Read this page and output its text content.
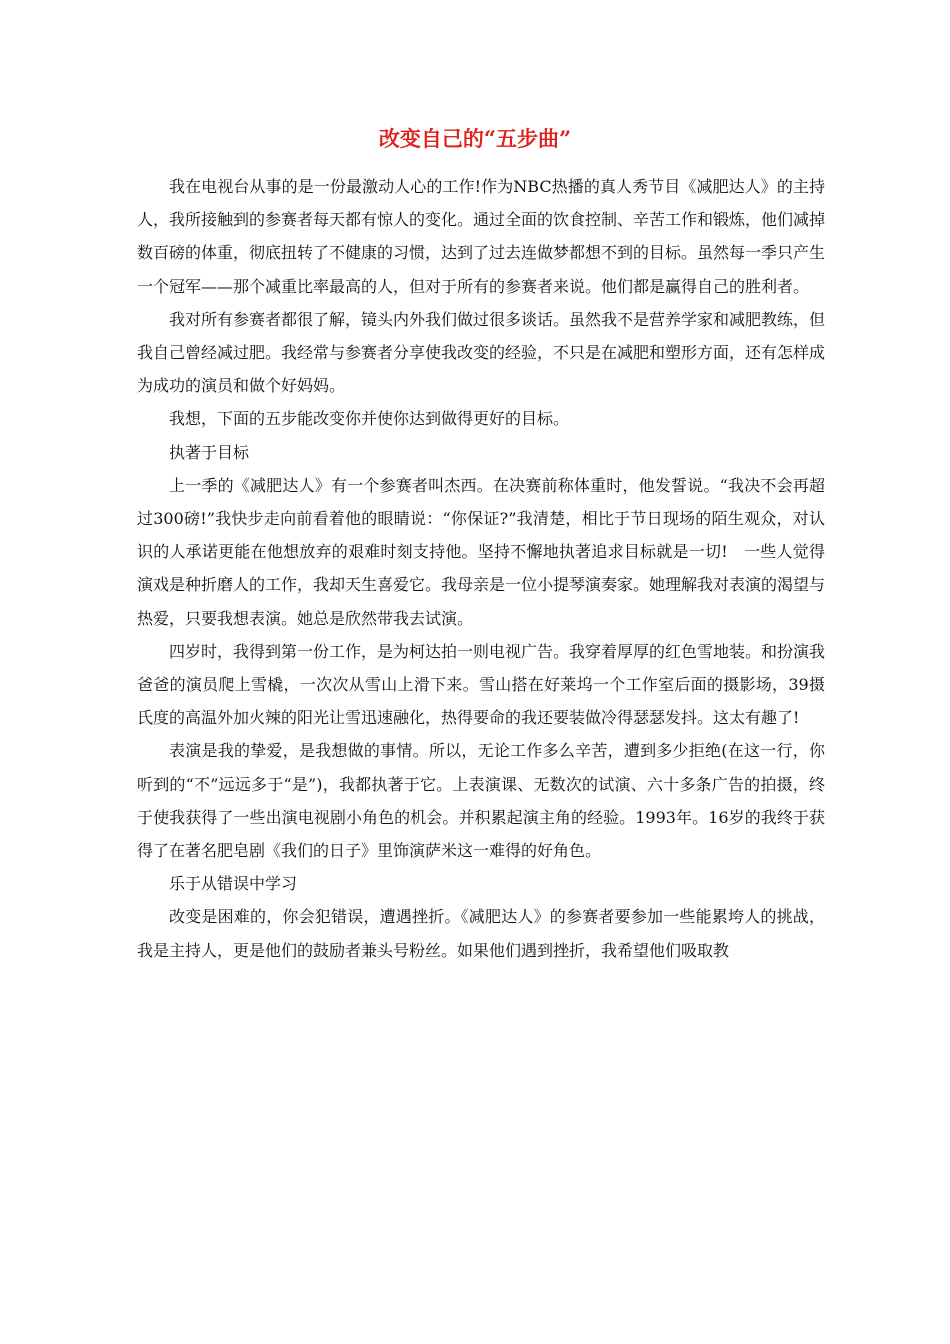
改变自己的“五步曲”

我在电视台从事的是一份最激动人心的工作!作为NBC热播的真人秀节目《减肥达人》的主持人，我所接触到的参赛者每天都有惊人的变化。通过全面的饮食控制、辛苦工作和锻炼，他们减掉数百磅的体重，彻底扭转了不健康的习惯，达到了过去连做梦都想不到的目标。虽然每一季只产生一个冠军——那个减重比率最高的人，但对于所有的参赛者来说。他们都是赢得自己的胜利者。

我对所有参赛者都很了解，镜头内外我们做过很多谈话。虽然我不是营养学家和减肥教练，但我自己曾经减过肥。我经常与参赛者分享使我改变的经验，不只是在减肥和塑形方面，还有怎样成为成功的演员和做个好妈妈。

我想，下面的五步能改变你并使你达到做得更好的目标。

执著于目标

上一季的《减肥达人》有一个参赛者叫杰西。在决赛前称体重时，他发誓说。“我决不会再超过300磅!”我快步走向前看着他的眼睛说：“你保证?”我清楚，相比于节日现场的陌生观众，对认识的人承诺更能在他想放弃的艰难时刻支持他。坚持不懈地执著追求目标就是一切!　一些人觉得演戏是种折磨人的工作，我却天生喜爱它。我母亲是一位小提琴演奏家。她理解我对表演的渴望与热爱，只要我想表演。她总是欣然带我去试演。

四岁时，我得到第一份工作，是为柯达拍一则电视广告。我穿着厚厚的红色雪地装。和扮演我爸爸的演员爬上雪橇，一次次从雪山上滑下来。雪山搭在好莱坞一个工作室后面的摄影场，39摄氏度的高温外加火辣的阳光让雪迅速融化，热得要命的我还要装做冷得瑟瑟发抖。这太有趣了!

表演是我的挚爱，是我想做的事情。所以，无论工作多么辛苦，遭到多少拒绝(在这一行，你听到的“不”远远多于“是”)，我都执著于它。上表演课、无数次的试演、六十多条广告的拍摄，终于使我获得了一些出演电视剧小角色的机会。并积累起演主角的经验。1993年。16岁的我终于获得了在著名肥皂剧《我们的日子》里饰演萨米这一难得的好角色。

乐于从错误中学习

改变是困难的，你会犯错误，遭遇挫折。《减肥达人》的参赛者要参加一些能累垮人的挑战，我是主持人，更是他们的鼓励者兼头号粉丝。如果他们遇到挫折，我希望他们吸取教
